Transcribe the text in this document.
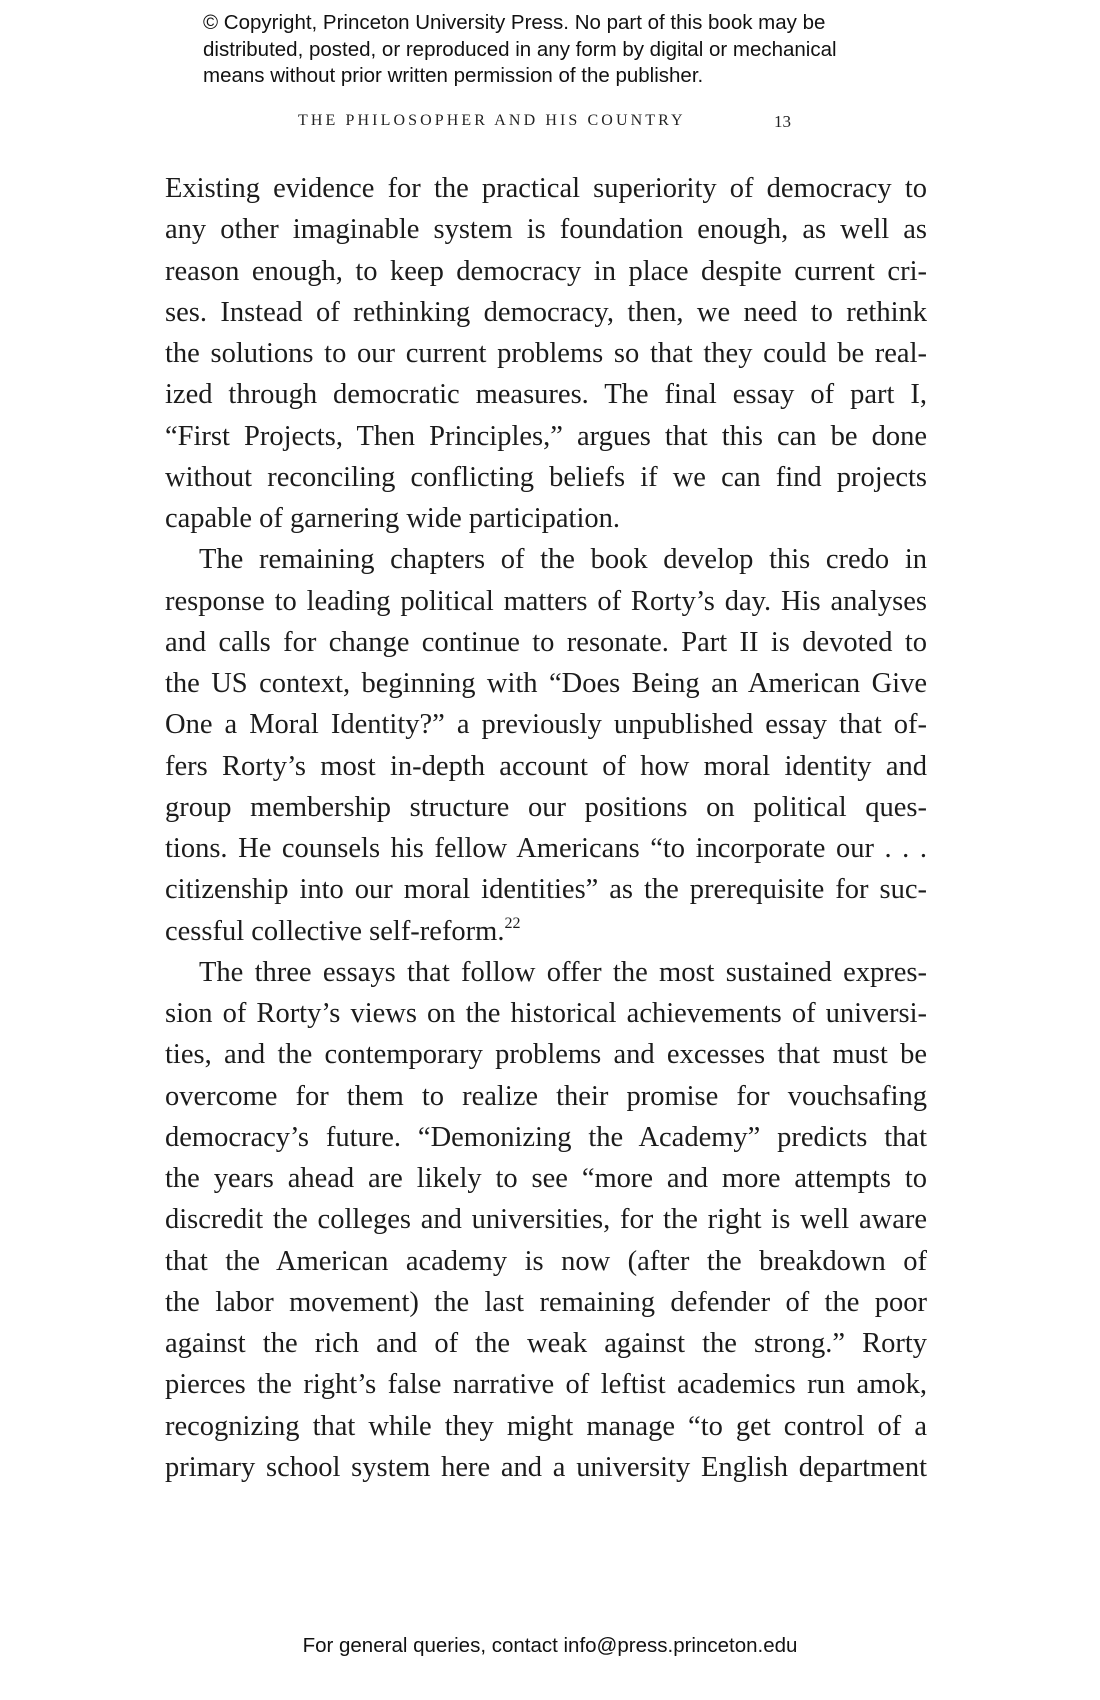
© Copyright, Princeton University Press. No part of this book may be
distributed, posted, or reproduced in any form by digital or mechanical
means without prior written permission of the publisher.
THE PHILOSOPHER AND HIS COUNTRY	13
Existing evidence for the practical superiority of democracy to
any other imaginable system is foundation enough, as well as
reason enough, to keep democracy in place despite current cri-
ses. Instead of rethinking democracy, then, we need to rethink
the solutions to our current problems so that they could be real-
ized through democratic measures. The final essay of part I,
“First Projects, Then Principles,” argues that this can be done
without reconciling conflicting beliefs if we can find projects
capable of garnering wide participation.
The remaining chapters of the book develop this credo in
response to leading political matters of Rorty’s day. His analyses
and calls for change continue to resonate. Part II is devoted to
the US context, beginning with “Does Being an American Give
One a Moral Identity?” a previously unpublished essay that of-
fers Rorty’s most in-depth account of how moral identity and
group membership structure our positions on political ques-
tions. He counsels his fellow Americans “to incorporate our . . .
citizenship into our moral identities” as the prerequisite for suc-
cessful collective self-reform.$^{22}$
The three essays that follow offer the most sustained expres-
sion of Rorty’s views on the historical achievements of universi-
ties, and the contemporary problems and excesses that must be
overcome for them to realize their promise for vouchsafing
democracy’s future. “Demonizing the Academy” predicts that
the years ahead are likely to see “more and more attempts to
discredit the colleges and universities, for the right is well aware
that the American academy is now (after the breakdown of
the labor movement) the last remaining defender of the poor
against the rich and of the weak against the strong.” Rorty
pierces the right’s false narrative of leftist academics run amok,
recognizing that while they might manage “to get control of a
primary school system here and a university English department
For general queries, contact info@press.princeton.edu
